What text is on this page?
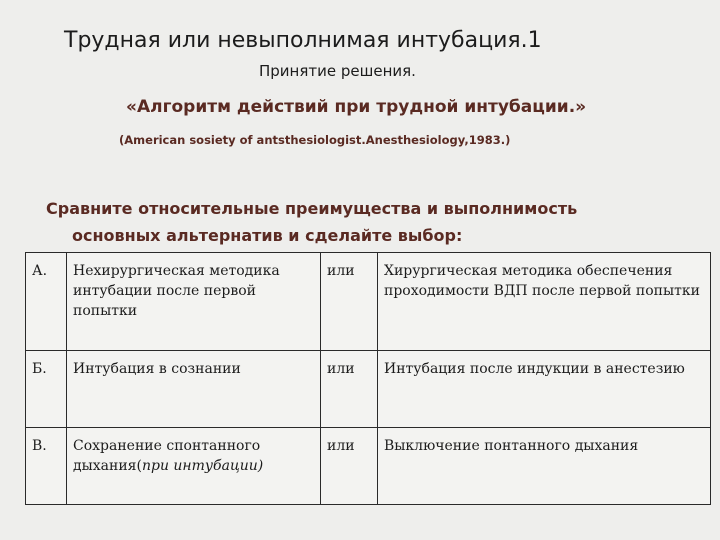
Трудная или невыполнимая интубация.1
Принятие решения.
«Алгоритм действий при трудной интубации.»
(American sosiety of antsthesiologist.Anesthesiology,1983.)
Сравните относительные преимущества и выполнимость
основных альтернатив и сделайте выбор:
А.	Нехирургическая методика интубации после первой попытки	или	Хирургическая методика обеспечения проходимости ВДП после первой попытки
Б.	Интубация в сознании	или	Интубация после индукции в анестезию
В.	Сохранение спонтанного дыхания(при интубации)	или	Выключение понтанного дыхания
